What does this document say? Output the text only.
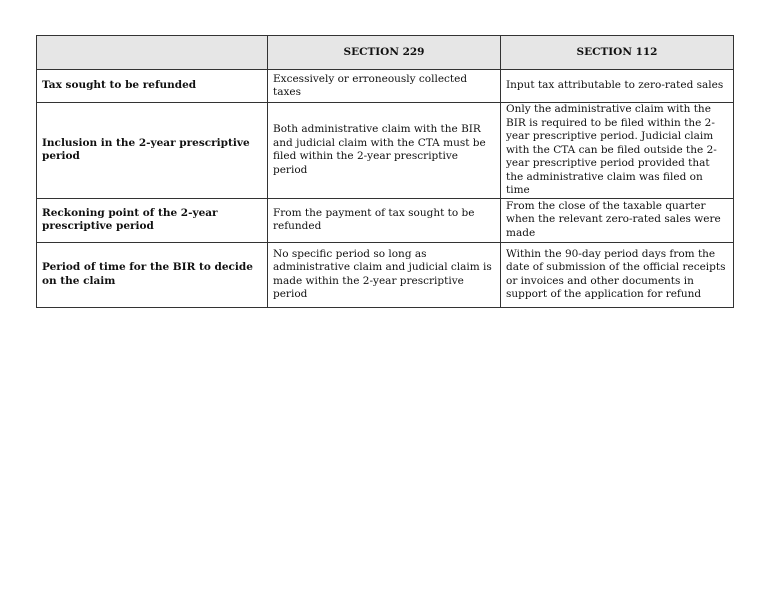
	SECTION 229	SECTION 112
Tax sought to be refunded	Excessively or erroneously collected taxes	Input tax attributable to zero-rated sales
Inclusion in the 2-year prescriptive period	Both administrative claim with the BIR and judicial claim with the CTA must be filed within the 2-year prescriptive period	Only the administrative claim with the BIR is required to be filed within the 2-year prescriptive period. Judicial claim with the CTA can be filed outside the 2-year prescriptive period provided that the administrative claim was filed on time
Reckoning point of the 2-year prescriptive period	From the payment of tax sought to be refunded	From the close of the taxable quarter when the relevant zero-rated sales were made
Period of time for the BIR to decide on the claim	No specific period so long as administrative claim and judicial claim is made within the 2-year prescriptive period	Within the 90-day period days from the date of submission of the official receipts or invoices and other documents in support of the application for refund
